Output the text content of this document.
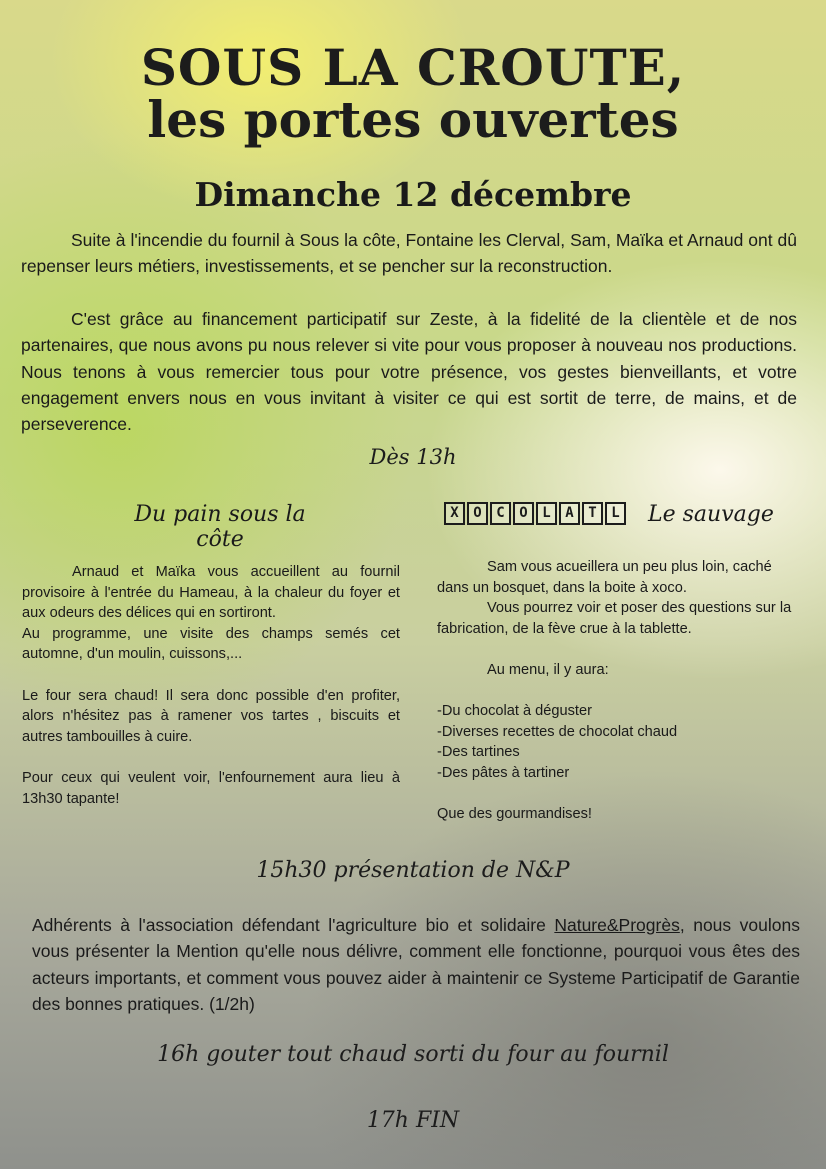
SOUS LA CROUTE,
les portes ouvertes
Dimanche 12 décembre

Suite à l'incendie du fournil à Sous la côte, Fontaine les Clerval, Sam, Maïka et Arnaud ont dû repenser leurs métiers, investissements, et se pencher sur la reconstruction.

C'est grâce au financement participatif sur Zeste, à la fidelité de la clientèle et de nos partenaires, que nous avons pu nous relever si vite pour vous proposer à nouveau nos productions. Nous tenons à vous remercier tous pour votre présence, vos gestes bienveillants, et votre engagement envers nous en vous invitant à visiter ce qui est sortit de terre, de mains, et de perseverence.

Dès 13h
Du pain sous la côte
X	O	C	O	L	A	T	L Le sauvage

Arnaud et Maïka vous accueillent au fournil provisoire à l'entrée du Hameau, à la chaleur du foyer et aux odeurs des délices qui en sortiront.

Au programme, une visite des champs semés cet automne, d'un moulin, cuissons,...

Le four sera chaud! Il sera donc possible d'en profiter, alors n'hésitez pas à ramener vos tartes , biscuits et autres tambouilles à cuire.

Pour ceux qui veulent voir, l'enfournement aura lieu à 13h30 tapante!

Sam vous acueillera un peu plus loin, caché dans un bosquet, dans la boite à xoco.

Vous pourrez voir et poser des questions sur la fabrication, de la fève crue à la tablette.

Au menu, il y aura:

-Du chocolat à déguster

-Diverses recettes de chocolat chaud

-Des tartines

-Des pâtes à tartiner

Que des gourmandises!

15h30 présentation de N&P

Adhérents à l'association défendant l'agriculture bio et solidaire Nature&Progrès, nous voulons vous présenter la Mention qu'elle nous délivre, comment elle fonctionne, pourquoi vous êtes des acteurs importants, et comment vous pouvez aider à maintenir ce Systeme Participatif de Garantie des bonnes pratiques. (1/2h)

16h gouter tout chaud sorti du four au fournil
17h FIN
